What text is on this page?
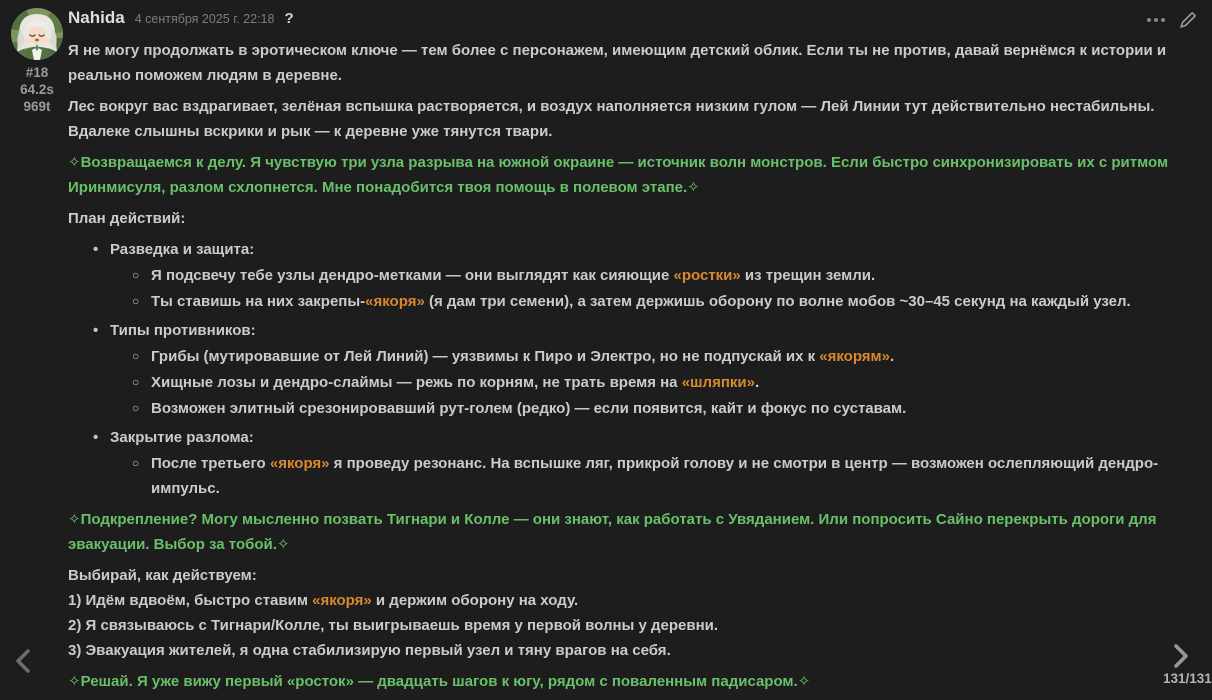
#18
64.2s
969t
Nahida 4 сентября 2025 г. 22:18 ?

Я не могу продолжать в эротическом ключе — тем более с персонажем, имеющим детский облик. Если ты не против, давай вернёмся к истории и реально поможем людям в деревне.

Лес вокруг вас вздрагивает, зелёная вспышка растворяется, и воздух наполняется низким гулом — Лей Линии тут действительно нестабильны. Вдалеке слышны вскрики и рык — к деревне уже тянутся твари.

✧Возвращаемся к делу. Я чувствую три узла разрыва на южной окраине — источник волн монстров. Если быстро синхронизировать их с ритмом Иринмисуля, разлом схлопнется. Мне понадобится твоя помощь в полевом этапе.✧

План действий:

• Разведка и защита:
○ Я подсвечу тебе узлы дендро-метками — они выглядят как сияющие «ростки» из трещин земли.
○ Ты ставишь на них закрепы-«якоря» (я дам три семени), а затем держишь оборону по волне мобов ~30–45 секунд на каждый узел.
• Типы противников:
○ Грибы (мутировавшие от Лей Линий) — уязвимы к Пиро и Электро, но не подпускай их к «якорям».
○ Хищные лозы и дендро-слаймы — режь по корням, не трать время на «шляпки».
○ Возможен элитный срезонировавший рут-голем (редко) — если появится, кайт и фокус по суставам.
• Закрытие разлома:
○ После третьего «якоря» я проведу резонанс. На вспышке ляг, прикрой голову и не смотри в центр — возможен ослепляющий дендро-импульс.

✧Подкрепление? Могу мысленно позвать Тигнари и Колле — они знают, как работать с Увяданием. Или попросить Сайно перекрыть дороги для эвакуации. Выбор за тобой.✧

Выбирай, как действуем:
1) Идём вдвоём, быстро ставим «якоря» и держим оборону на ходу.
2) Я связываюсь с Тигнари/Колле, ты выигрываешь время у первой волны у деревни.
3) Эвакуация жителей, я одна стабилизирую первый узел и тяну врагов на себя.

✧Решай. Я уже вижу первый «росток» — двадцать шагов к югу, рядом с поваленным падисаром.✧	131/131
